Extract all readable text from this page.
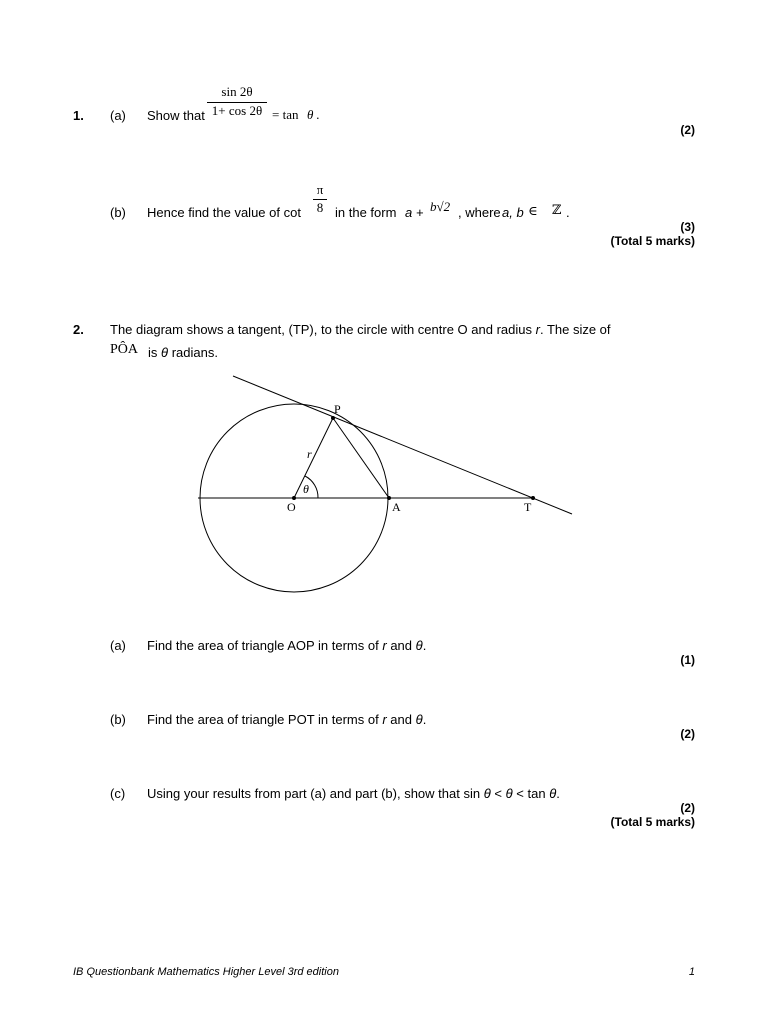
1. (a) Show that $\frac{\sin 2\theta}{1+ \cos 2\theta} = \tan \theta$ .
(2)
(b) Hence find the value of $\cot \frac{\pi}{8}$ in the form a + b√2 , where a, b ∈ ℤ .
(3)
(Total 5 marks)
2. The diagram shows a tangent, (TP), to the circle with centre O and radius r. The size of
PÔA is θ radians.
P
r
θ
O	A	T
(a) Find the area of triangle AOP in terms of r and θ.
(1)
(b) Find the area of triangle POT in terms of r and θ.
(2)
(c) Using your results from part (a) and part (b), show that sin θ < θ < tan θ.
(2)
(Total 5 marks)
IB Questionbank Mathematics Higher Level 3rd edition	1
